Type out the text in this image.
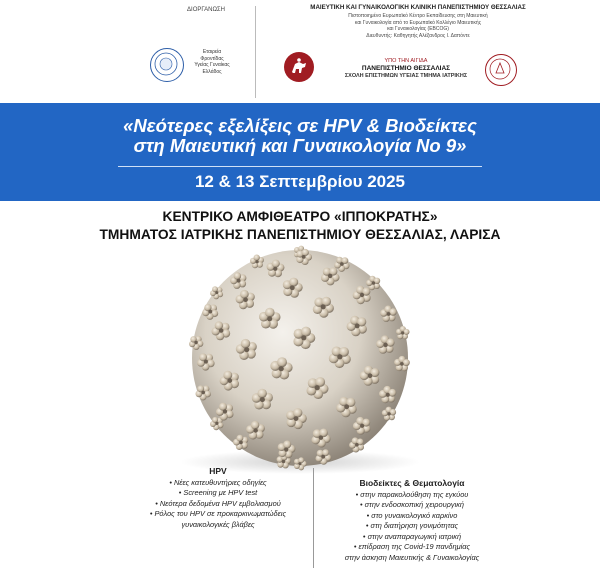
ΔΙΟΡΓΑΝΩΣΗ
Εταιρεία
Φροντίδας
Υγείας Γυναίκας
Ελλάδος
ΜΑΙΕΥΤΙΚΗ ΚΑΙ ΓΥΝΑΙΚΟΛΟΓΙΚΗ ΚΛΙΝΙΚΗ ΠΑΝΕΠΙΣΤΗΜΙΟΥ ΘΕΣΣΑΛΙΑΣ
Πιστοποιημένο Ευρωπαϊκό Κέντρο Εκπαίδευσης στη Μαιευτική
και Γυναικολογία από το Ευρωπαϊκό Κολλέγιο Μαιευτικής
και Γυναικολογίας (EBCOG)
Διευθυντής: Καθηγητής Αλέξανδρος Ι. Δαπόντε
ΥΠΟ ΤΗΝ ΑΙΓΙΔΑ
ΠΑΝΕΠΙΣΤΗΜΙΟ ΘΕΣΣΑΛΙΑΣ
ΣΧΟΛΗ ΕΠΙΣΤΗΜΩΝ ΥΓΕΙΑΣ ΤΜΗΜΑ ΙΑΤΡΙΚΗΣ
«Νεότερες εξελίξεις σε HPV & Βιοδείκτες
στη Μαιευτική και Γυναικολογία Νο 9»
12 & 13 Σεπτεμβρίου 2025
ΚΕΝΤΡΙΚΟ ΑΜΦΙΘΕΑΤΡΟ «ΙΠΠΟΚΡΑΤΗΣ»
ΤΜΗΜΑΤΟΣ ΙΑΤΡΙΚΗΣ ΠΑΝΕΠΙΣΤΗΜΙΟΥ ΘΕΣΣΑΛΙΑΣ, ΛΑΡΙΣΑ
HPV
• Νέες κατευθυντήριες οδηγίες
• Screening με HPV test
• Νεότερα δεδομένα HPV εμβολιασμού
• Ρόλος του HPV σε προκαρκινωματώδεις
γυναικολογικές βλάβες
Βιοδείκτες & Θεματολογία
• στην παρακολούθηση της εγκύου
• στην ενδοσκοπική χειρουργική
• στο γυναικολογικό καρκίνο
• στη διατήρηση γονιμότητας
• στην αναπαραγωγική ιατρική
• επίδραση της Covid-19 πανδημίας
στην άσκηση Μαιευτικής & Γυναικολογίας
